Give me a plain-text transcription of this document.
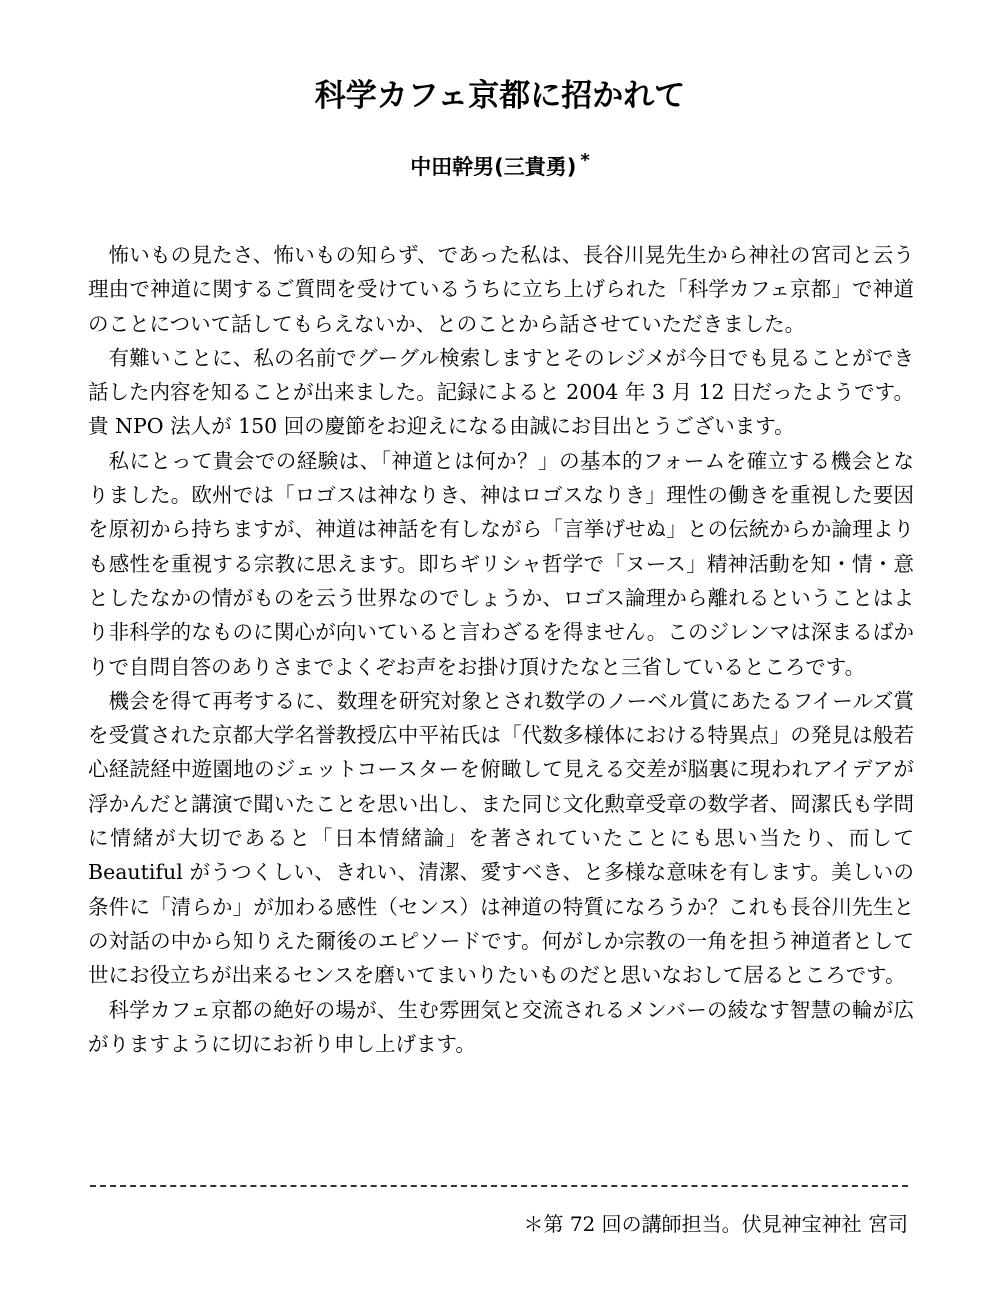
科学カフェ京都に招かれて
中田幹男(三貴勇) *

怖いもの見たさ、怖いもの知らず、であった私は、長谷川晃先生から神社の宮司と云う理由で神道に関するご質問を受けているうちに立ち上げられた「科学カフェ京都」で神道のことについて話してもらえないか、とのことから話させていただきました。

有難いことに、私の名前でグーグル検索しますとそのレジメが今日でも見ることができ話した内容を知ることが出来ました。記録によると 2004 年 3 月 12 日だったようです。貴 NPO 法人が 150 回の慶節をお迎えになる由誠にお目出とうございます。

私にとって貴会での経験は、「神道とは何か？」の基本的フォームを確立する機会となりました。欧州では「ロゴスは神なりき、神はロゴスなりき」理性の働きを重視した要因を原初から持ちますが、神道は神話を有しながら「言挙げせぬ」との伝統からか論理よりも感性を重視する宗教に思えます。即ちギリシャ哲学で「ヌース」精神活動を知・情・意としたなかの情がものを云う世界なのでしょうか、ロゴス論理から離れるということはより非科学的なものに関心が向いていると言わざるを得ません。このジレンマは深まるばかりで自問自答のありさまでよくぞお声をお掛け頂けたなと三省しているところです。

機会を得て再考するに、数理を研究対象とされ数学のノーベル賞にあたるフイールズ賞を受賞された京都大学名誉教授広中平祐氏は「代数多様体における特異点」の発見は般若心経読経中遊園地のジェットコースターを俯瞰して見える交差が脳裏に現われアイデアが浮かんだと講演で聞いたことを思い出し、また同じ文化勲章受章の数学者、岡潔氏も学問に情緒が大切であると「日本情緒論」を著されていたことにも思い当たり、而して Beautiful がうつくしい、きれい、清潔、愛すべき、と多様な意味を有します。美しいの条件に「清らか」が加わる感性（センス）は神道の特質になろうか？これも長谷川先生との対話の中から知りえた爾後のエピソードです。何がしか宗教の一角を担う神道者として世にお役立ちが出来るセンスを磨いてまいりたいものだと思いなおして居るところです。

科学カフェ京都の絶好の場が、生む雰囲気と交流されるメンバーの綾なす智慧の輪が広がりますように切にお祈り申し上げます。

＊第 72 回の講師担当。伏見神宝神社 宮司
